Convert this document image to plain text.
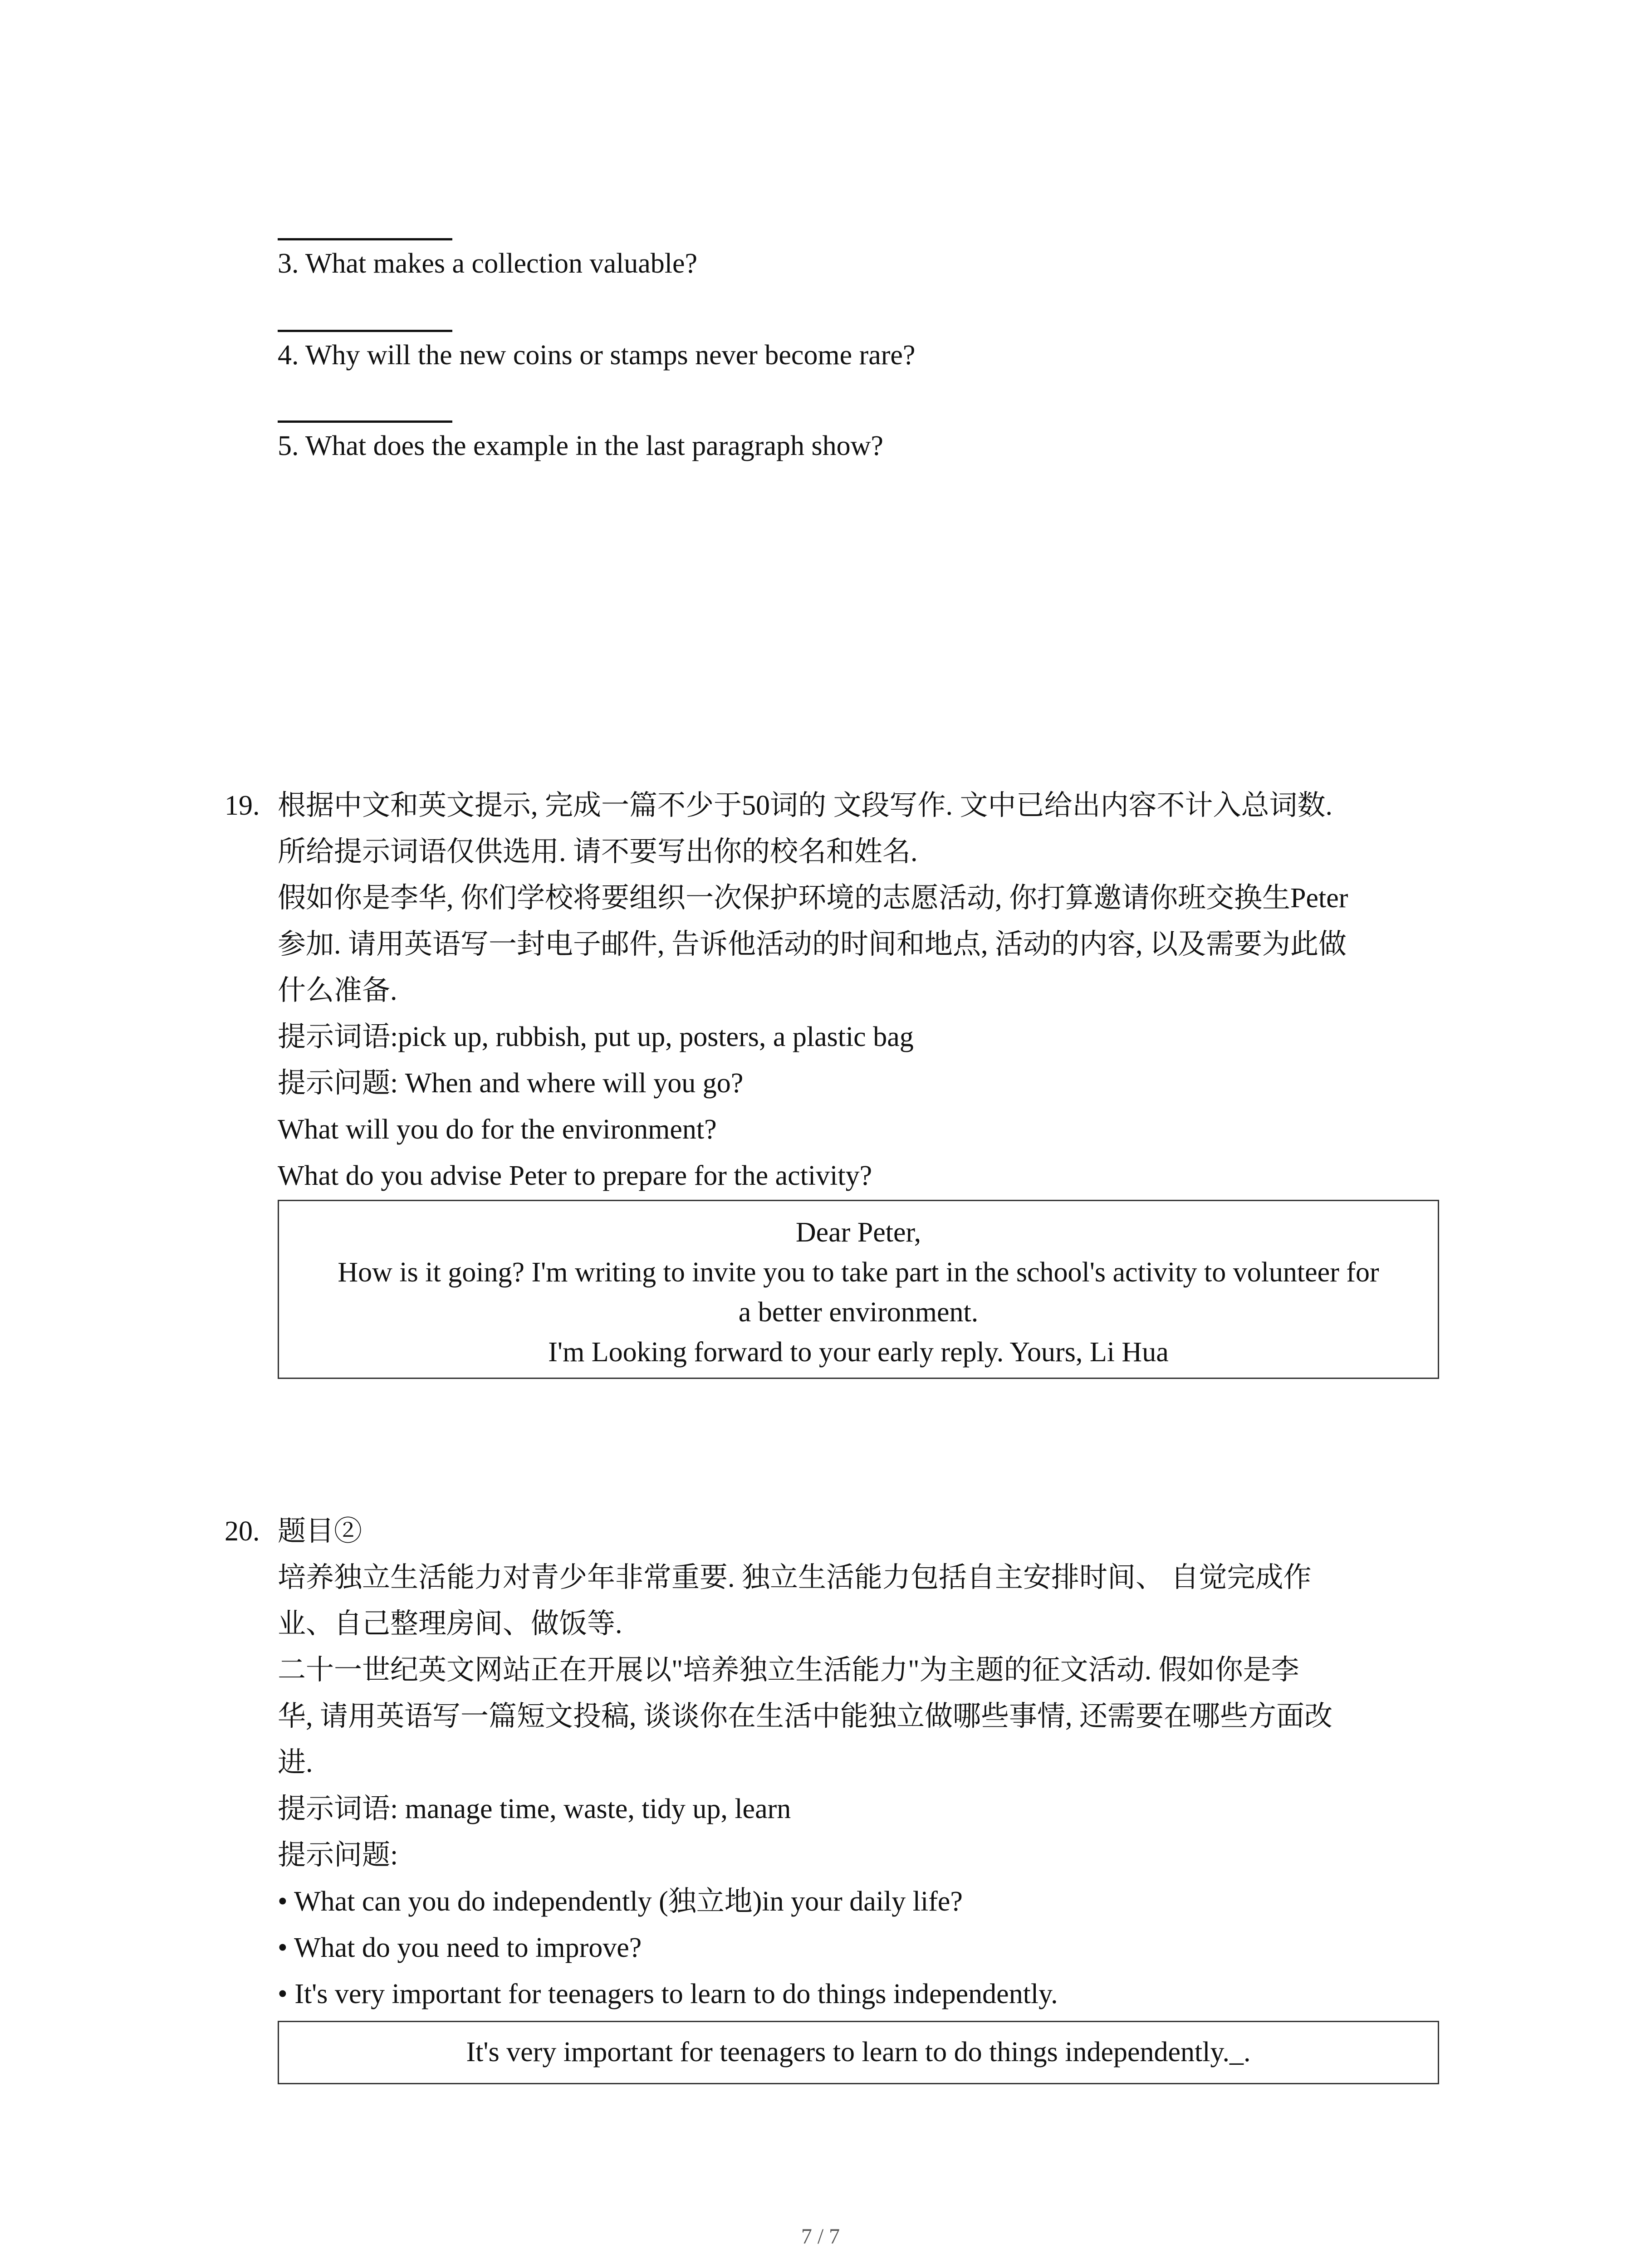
3. What makes a collection valuable?
4. Why will the new coins or stamps never become rare?
5. What does the example in the last paragraph show?
19. 根据中文和英文提示, 完成一篇不少于50词的 文段写作. 文中已给出内容不计入总词数.
所给提示词语仅供选用. 请不要写出你的校名和姓名.
假如你是李华, 你们学校将要组织一次保护环境的志愿活动, 你打算邀请你班交换生Peter
参加. 请用英语写一封电子邮件, 告诉他活动的时间和地点, 活动的内容, 以及需要为此做
什么准备.
提示词语:pick up, rubbish, put up, posters, a plastic bag
提示问题: When and where will you go?
What will you do for the environment?
What do you advise Peter to prepare for the activity?
Dear Peter,
How is it going? I'm writing to invite you to take part in the school's activity to volunteer for
a better environment.
I'm Looking forward to your early reply. Yours, Li Hua
20. 题目②
培养独立生活能力对青少年非常重要. 独立生活能力包括自主安排时间、 自觉完成作
业、自己整理房间、做饭等.
二十一世纪英文网站正在开展以"培养独立生活能力"为主题的征文活动. 假如你是李
华, 请用英语写一篇短文投稿, 谈谈你在生活中能独立做哪些事情, 还需要在哪些方面改
进.
提示词语: manage time, waste, tidy up, learn
提示问题:
• What can you do independently (独立地)in your daily life?
• What do you need to improve?
• It's very important for teenagers to learn to do things independently.
It's very important for teenagers to learn to do things independently._.
7 / 7
